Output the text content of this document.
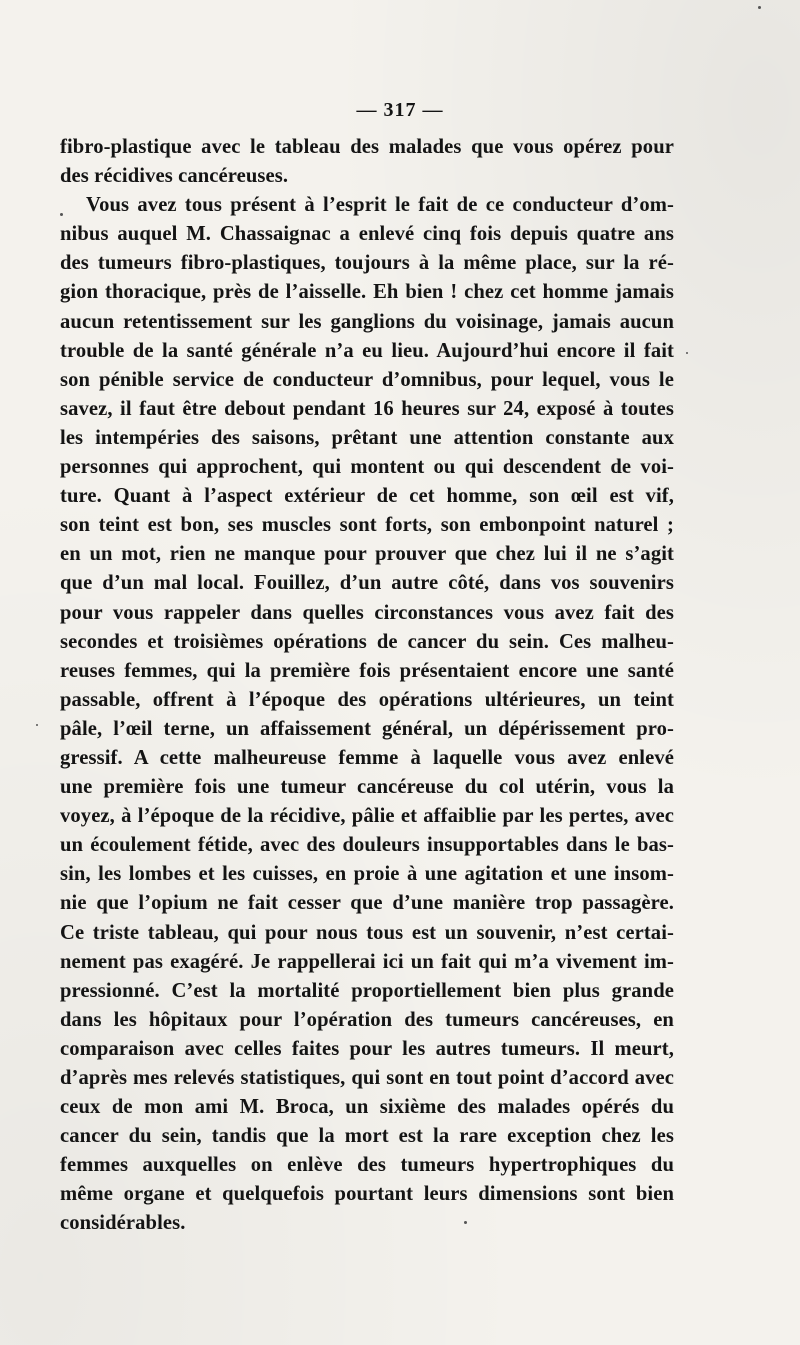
— 317 —
fibro-plastique avec le tableau des malades que vous opérez pour
des récidives cancéreuses.
Vous avez tous présent à l’esprit le fait de ce conducteur d’om-
nibus auquel M. Chassaignac a enlevé cinq fois depuis quatre ans
des tumeurs fibro-plastiques, toujours à la même place, sur la ré-
gion thoracique, près de l’aisselle. Eh bien ! chez cet homme jamais
aucun retentissement sur les ganglions du voisinage, jamais aucun
trouble de la santé générale n’a eu lieu. Aujourd’hui encore il fait
son pénible service de conducteur d’omnibus, pour lequel, vous le
savez, il faut être debout pendant 16 heures sur 24, exposé à toutes
les intempéries des saisons, prêtant une attention constante aux
personnes qui approchent, qui montent ou qui descendent de voi-
ture. Quant à l’aspect extérieur de cet homme, son œil est vif,
son teint est bon, ses muscles sont forts, son embonpoint naturel ;
en un mot, rien ne manque pour prouver que chez lui il ne s’agit
que d’un mal local. Fouillez, d’un autre côté, dans vos souvenirs
pour vous rappeler dans quelles circonstances vous avez fait des
secondes et troisièmes opérations de cancer du sein. Ces malheu-
reuses femmes, qui la première fois présentaient encore une santé
passable, offrent à l’époque des opérations ultérieures, un teint
pâle, l’œil terne, un affaissement général, un dépérissement pro-
gressif. A cette malheureuse femme à laquelle vous avez enlevé
une première fois une tumeur cancéreuse du col utérin, vous la
voyez, à l’époque de la récidive, pâlie et affaiblie par les pertes, avec
un écoulement fétide, avec des douleurs insupportables dans le bas-
sin, les lombes et les cuisses, en proie à une agitation et une insom-
nie que l’opium ne fait cesser que d’une manière trop passagère.
Ce triste tableau, qui pour nous tous est un souvenir, n’est certai-
nement pas exagéré. Je rappellerai ici un fait qui m’a vivement im-
pressionné. C’est la mortalité proportiellement bien plus grande
dans les hôpitaux pour l’opération des tumeurs cancéreuses, en
comparaison avec celles faites pour les autres tumeurs. Il meurt,
d’après mes relevés statistiques, qui sont en tout point d’accord avec
ceux de mon ami M. Broca, un sixième des malades opérés du
cancer du sein, tandis que la mort est la rare exception chez les
femmes auxquelles on enlève des tumeurs hypertrophiques du
même organe et quelquefois pourtant leurs dimensions sont bien
considérables.
